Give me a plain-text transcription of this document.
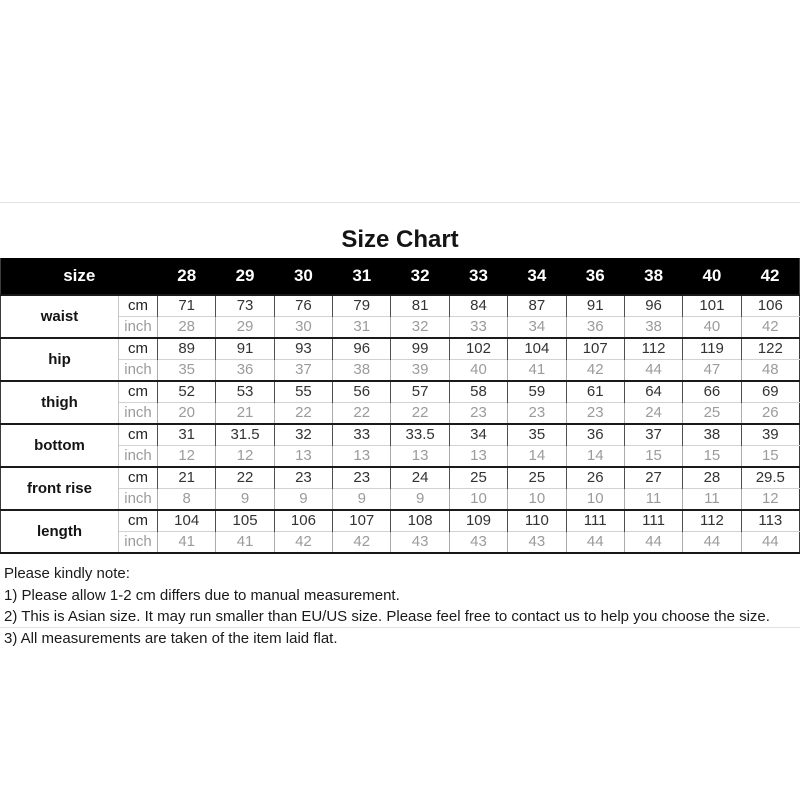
Size Chart
size		28	29	30	31	32	33	34	36	38	40	42
waist	cm	71	73	76	79	81	84	87	91	96	101	106
	inch	28	29	30	31	32	33	34	36	38	40	42
hip	cm	89	91	93	96	99	102	104	107	112	119	122
	inch	35	36	37	38	39	40	41	42	44	47	48
thigh	cm	52	53	55	56	57	58	59	61	64	66	69
	inch	20	21	22	22	22	23	23	23	24	25	26
bottom	cm	31	31.5	32	33	33.5	34	35	36	37	38	39
	inch	12	12	13	13	13	13	14	14	15	15	15
front rise	cm	21	22	23	23	24	25	25	26	27	28	29.5
	inch	8	9	9	9	9	10	10	10	11	11	12
length	cm	104	105	106	107	108	109	110	111	111	112	113
	inch	41	41	42	42	43	43	43	44	44	44	44
Please kindly note:
1) Please allow 1-2 cm differs due to manual measurement.
2) This is Asian size. It may run smaller than EU/US size. Please feel free to contact us to help you choose the size.
3) All measurements are taken of the item laid flat.
